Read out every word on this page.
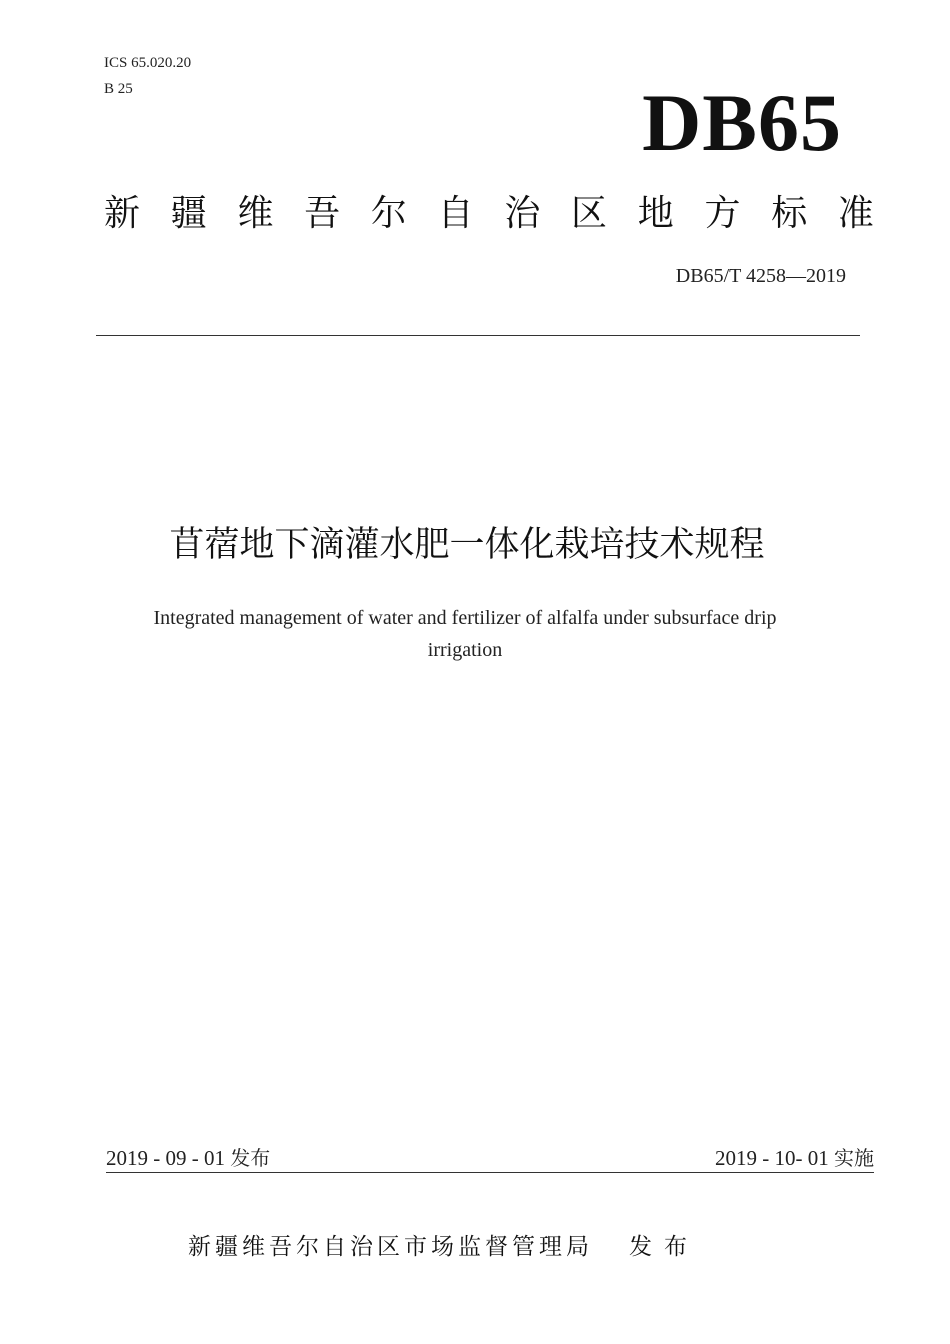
ICS 65.020.20
B 25	DB65
新 疆 维 吾 尔 自 治 区 地 方 标 准
DB65/T 4258—2019
苜蓿地下滴灌水肥一体化栽培技术规程
Integrated management of water and fertilizer of alfalfa under subsurface drip
irrigation
2019 - 09 - 01 发布	2019 - 10- 01 实施
新疆维吾尔自治区市场监督管理局 发布
